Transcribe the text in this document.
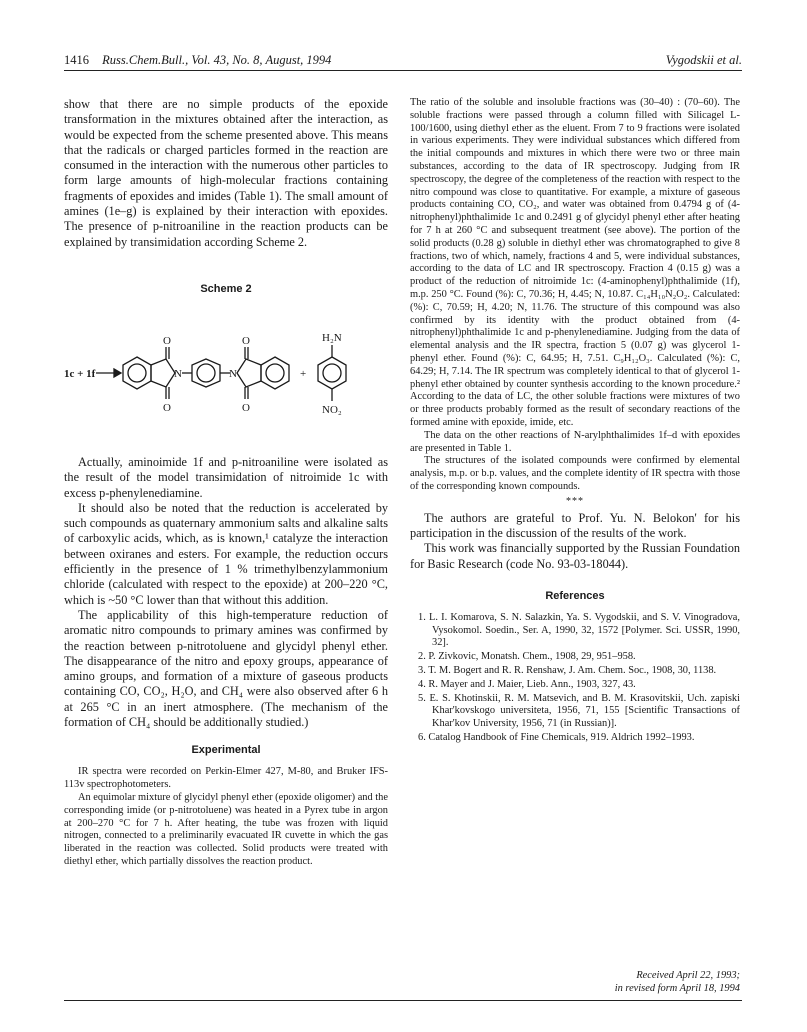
1416 Russ.Chem.Bull., Vol. 43, No. 8, August, 1994	Vygodskii et al.

show that there are no simple products of the epoxide transformation in the mixtures obtained after the interaction, as would be expected from the scheme presented above. This means that the radicals or charged particles formed in the reaction are consumed in the interaction with the numerous other particles to form large amounts of high-molecular fractions containing fragments of epoxides and imides (Table 1). The small amount of amines (1e–g) is explained by their interaction with epoxides. The presence of p-nitroaniline in the reaction products can be explained by transimidation according Scheme 2.

Scheme 2

1c + 1f
O
O
N
O
O
N	+
H₂N
NO₂

Actually, aminoimide 1f and p-nitroaniline were isolated as the result of the model transimidation of nitroimide 1c with excess p-phenylenediamine.

It should also be noted that the reduction is accelerated by such compounds as quaternary ammonium salts and alkaline salts of carboxylic acids, which, as is known,¹ catalyze the interaction between oxiranes and esters. For example, the reduction occurs efficiently in the presence of 1 % trimethylbenzylammonium chloride (calculated with respect to the epoxide) at 200–220 °C, which is ~50 °C lower than that without this addition.

The applicability of this high-temperature reduction of aromatic nitro compounds to primary amines was confirmed by the reaction between p-nitrotoluene and glycidyl phenyl ether. The disappearance of the nitro and epoxy groups, appearance of amino groups, and formation of a mixture of gaseous products containing CO, CO₂, H₂O, and CH₄ were also observed after 6 h at 265 °C in an inert atmosphere. (The mechanism of the formation of CH₄ should be additionally studied.)

Experimental

IR spectra were recorded on Perkin-Elmer 427, M-80, and Bruker IFS-113v spectrophotometers.

An equimolar mixture of glycidyl phenyl ether (epoxide oligomer) and the corresponding imide (or p-nitrotoluene) was heated in a Pyrex tube in argon at 200–270 °C for 7 h. After heating, the tube was frozen with liquid nitrogen, connected to a preliminarily evacuated IR cuvette in which the gas liberated in the reaction was collected. Solid products were treated with diethyl ether, which partially dissolves the reaction product.

The ratio of the soluble and insoluble fractions was (30–40) : (70–60). The soluble fractions were passed through a column filled with Silicagel L-100/1600, using diethyl ether as the eluent. From 7 to 9 fractions were isolated in various experiments. They were individual substances which differed from the initial compounds and mixtures in which there were two or three main substances, according to the data of IR spectroscopy. Judging from IR spectroscopy, the degree of the completeness of the reaction with respect to the nitro compound was close to quantitative. For example, a mixture of gaseous products containing CO, CO₂, and water was obtained from 0.4794 g of (4-nitrophenyl)phthalimide 1c and 0.2491 g of glycidyl phenyl ether after heating for 7 h at 260 °C and subsequent treatment (see above). The portion of the solid products (0.28 g) soluble in diethyl ether was chromatographed to give 8 fractions, two of which, namely, fractions 4 and 5, were individual substances, according to the data of LC and IR spectroscopy. Fraction 4 (0.15 g) was a product of the reduction of nitroimide 1c: (4-aminophenyl)phthalimide (1f), m.p. 250 °C. Found (%): C, 70.36; H, 4.45; N, 10.87. C₁₄H₁₀N₂O₂. Calculated: (%): C, 70.59; H, 4.20; N, 11.76. The structure of this compound was also confirmed by its identity with the product obtained from (4-nitrophenyl)phthalimide 1c and p-phenylenediamine. Judging from the data of elemental analysis and the IR spectra, fraction 5 (0.07 g) was glycerol 1-phenyl ether. Found (%): C, 64.95; H, 7.51. C₉H₁₂O₃. Calculated (%): C, 64.29; H, 7.14. The IR spectrum was completely identical to that of glycerol 1-phenyl ether obtained by counter synthesis according to the known procedure.² According to the data of LC, the other soluble fractions were mixtures of two or three products probably formed as the result of secondary reactions of the formed amine with epoxide, imide, etc.

The data on the other reactions of N-arylphthalimides 1f–d with epoxides are presented in Table 1.

The structures of the isolated compounds were confirmed by elemental analysis, m.p. or b.p. values, and the complete identity of IR spectra with those of the corresponding known compounds.

***

The authors are grateful to Prof. Yu. N. Belokon' for his participation in the discussion of the results of the work.

This work was financially supported by the Russian Foundation for Basic Research (code No. 93-03-18044).

References

1. L. I. Komarova, S. N. Salazkin, Ya. S. Vygodskii, and S. V. Vinogradova, Vysokomol. Soedin., Ser. A, 1990, 32, 1572 [Polymer. Sci. USSR, 1990, 32].
2. P. Zivkovic, Monatsh. Chem., 1908, 29, 951–958.
3. T. M. Bogert and R. R. Renshaw, J. Am. Chem. Soc., 1908, 30, 1138.
4. R. Mayer and J. Maier, Lieb. Ann., 1903, 327, 43.
5. E. S. Khotinskii, R. M. Matsevich, and B. M. Krasovitskii, Uch. zapiski Khar'kovskogo universiteta, 1956, 71, 155 [Scientific Transactions of Khar'kov University, 1956, 71 (in Russian)].
6. Catalog Handbook of Fine Chemicals, 919. Aldrich 1992–1993.
Received April 22, 1993;
in revised form April 18, 1994
